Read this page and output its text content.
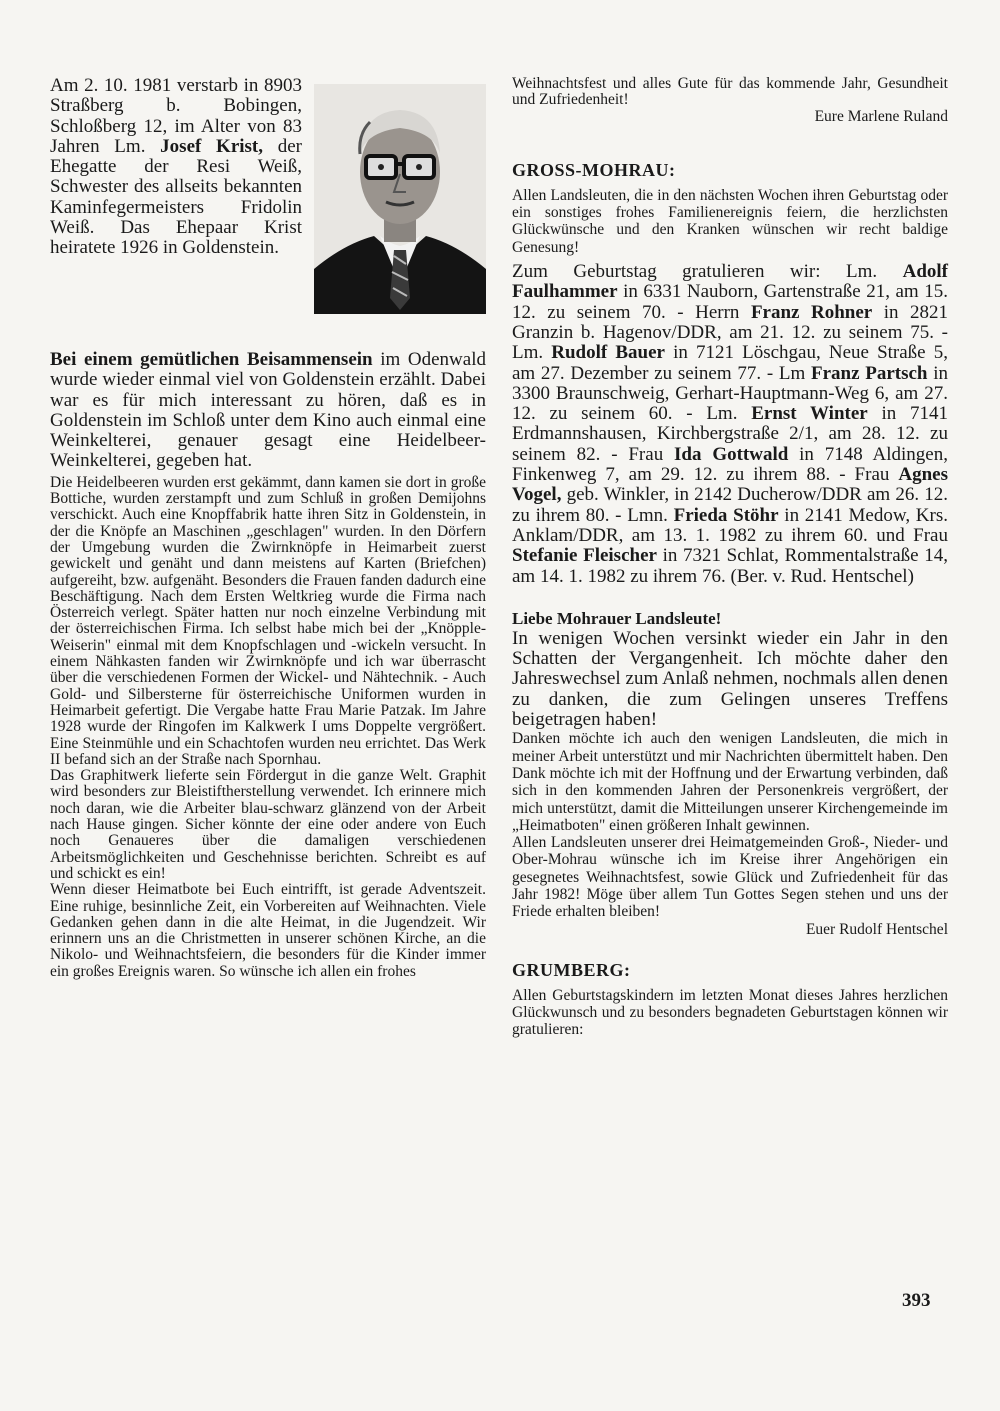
Am 2. 10. 1981 verstarb in 8903 Straßberg b. Bobingen, Schloßberg 12, im Alter von 83 Jahren Lm. Josef Krist, der Ehegatte der Resi Weiß, Schwester des allseits bekannten Kaminfegermeisters Fridolin Weiß. Das Ehepaar Krist heiratete 1926 in Goldenstein.

Bei einem gemütlichen Beisammensein im Odenwald wurde wieder einmal viel von Goldenstein erzählt. Dabei war es für mich interessant zu hören, daß es in Goldenstein im Schloß unter dem Kino auch einmal eine Weinkelterei, genauer gesagt eine Heidelbeer-Weinkelterei, gegeben hat.

Die Heidelbeeren wurden erst gekämmt, dann kamen sie dort in große Bottiche, wurden zerstampft und zum Schluß in großen Demijohns verschickt. Auch eine Knopffabrik hatte ihren Sitz in Goldenstein, in der die Knöpfe an Maschinen „geschlagen" wurden. In den Dörfern der Umgebung wurden die Zwirnknöpfe in Heimarbeit zuerst gewickelt und genäht und dann meistens auf Karten (Briefchen) aufgereiht, bzw. aufgenäht. Besonders die Frauen fanden dadurch eine Beschäftigung. Nach dem Ersten Weltkrieg wurde die Firma nach Österreich verlegt. Später hatten nur noch einzelne Verbindung mit der österreichischen Firma. Ich selbst habe mich bei der „Knöpple-Weiserin" einmal mit dem Knopfschlagen und -wickeln versucht. In einem Nähkasten fanden wir Zwirnknöpfe und ich war überrascht über die verschiedenen Formen der Wickel- und Nähtechnik. - Auch Gold- und Silbersterne für österreichische Uniformen wurden in Heimarbeit gefertigt. Die Vergabe hatte Frau Marie Patzak. Im Jahre 1928 wurde der Ringofen im Kalkwerk I ums Doppelte vergrößert. Eine Steinmühle und ein Schachtofen wurden neu errichtet. Das Werk II befand sich an der Straße nach Spornhau.

Das Graphitwerk lieferte sein Fördergut in die ganze Welt. Graphit wird besonders zur Bleistiftherstellung verwendet. Ich erinnere mich noch daran, wie die Arbeiter blau-schwarz glänzend von der Arbeit nach Hause gingen. Sicher könnte der eine oder andere von Euch noch Genaueres über die damaligen verschiedenen Arbeitsmöglichkeiten und Geschehnisse berichten. Schreibt es auf und schickt es ein!

Wenn dieser Heimatbote bei Euch eintrifft, ist gerade Adventszeit. Eine ruhige, besinnliche Zeit, ein Vorbereiten auf Weihnachten. Viele Gedanken gehen dann in die alte Heimat, in die Jugendzeit. Wir erinnern uns an die Christmetten in unserer schönen Kirche, an die Nikolo- und Weihnachtsfeiern, die besonders für die Kinder immer ein großes Ereignis waren. So wünsche ich allen ein frohes

Weihnachtsfest und alles Gute für das kommende Jahr, Gesundheit und Zufriedenheit!

Eure Marlene Ruland

GROSS-MOHRAU:

Allen Landsleuten, die in den nächsten Wochen ihren Geburtstag oder ein sonstiges frohes Familienereignis feiern, die herzlichsten Glückwünsche und den Kranken wünschen wir recht baldige Genesung!

Zum Geburtstag gratulieren wir: Lm. Adolf Faulhammer in 6331 Nauborn, Gartenstraße 21, am 15. 12. zu seinem 70. - Herrn Franz Rohner in 2821 Granzin b. Hagenov/DDR, am 21. 12. zu seinem 75. - Lm. Rudolf Bauer in 7121 Löschgau, Neue Straße 5, am 27. Dezember zu seinem 77. - Lm Franz Partsch in 3300 Braunschweig, Gerhart-Hauptmann-Weg 6, am 27. 12. zu seinem 60. - Lm. Ernst Winter in 7141 Erdmannshausen, Kirchbergstraße 2/1, am 28. 12. zu seinem 82. - Frau Ida Gottwald in 7148 Aldingen, Finkenweg 7, am 29. 12. zu ihrem 88. - Frau Agnes Vogel, geb. Winkler, in 2142 Ducherow/DDR am 26. 12. zu ihrem 80. - Lmn. Frieda Stöhr in 2141 Medow, Krs. Anklam/DDR, am 13. 1. 1982 zu ihrem 60. und Frau Stefanie Fleischer in 7321 Schlat, Rommentalstraße 14, am 14. 1. 1982 zu ihrem 76. (Ber. v. Rud. Hentschel)

Liebe Mohrauer Landsleute!

In wenigen Wochen versinkt wieder ein Jahr in den Schatten der Vergangenheit. Ich möchte daher den Jahreswechsel zum Anlaß nehmen, nochmals allen denen zu danken, die zum Gelingen unseres Treffens beigetragen haben!

Danken möchte ich auch den wenigen Landsleuten, die mich in meiner Arbeit unterstützt und mir Nachrichten übermittelt haben. Den Dank möchte ich mit der Hoffnung und der Erwartung verbinden, daß sich in den kommenden Jahren der Personenkreis vergrößert, der mich unterstützt, damit die Mitteilungen unserer Kirchengemeinde im „Heimatboten" einen größeren Inhalt gewinnen.

Allen Landsleuten unserer drei Heimatgemeinden Groß-, Nieder- und Ober-Mohrau wünsche ich im Kreise ihrer Angehörigen ein gesegnetes Weihnachtsfest, sowie Glück und Zufriedenheit für das Jahr 1982! Möge über allem Tun Gottes Segen stehen und uns der Friede erhalten bleiben!

Euer Rudolf Hentschel

GRUMBERG:

Allen Geburtstagskindern im letzten Monat dieses Jahres herzlichen Glückwunsch und zu besonders begnadeten Geburtstagen können wir gratulieren:

393
